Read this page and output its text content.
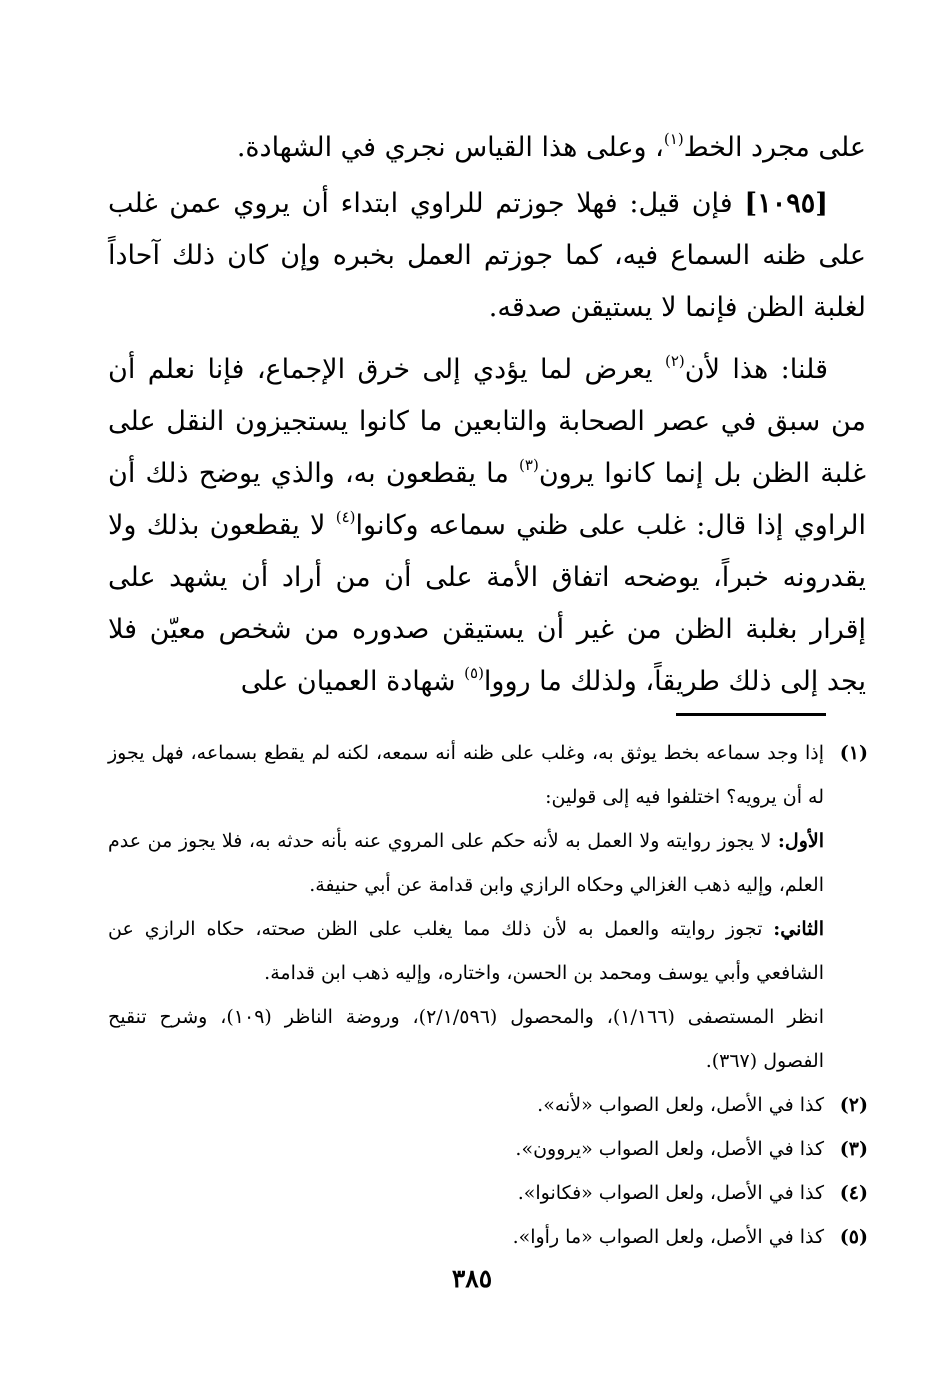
على مجرد الخط$^{(١)}$، وعلى هذا القياس نجري في الشهادة.

[١٠٩٥] فإن قيل: فهلا جوزتم للراوي ابتداء أن يروي عمن غلب على ظنه السماع فيه، كما جوزتم العمل بخبره وإن كان ذلك آحاداً لغلبة الظن فإنما لا يستيقن صدقه.

قلنا: هذا لأن$^{(٢)}$ يعرض لما يؤدي إلى خرق الإجماع، فإنا نعلم أن من سبق في عصر الصحابة والتابعين ما كانوا يستجيزون النقل على غلبة الظن بل إنما كانوا يرون$^{(٣)}$ ما يقطعون به، والذي يوضح ذلك أن الراوي إذا قال: غلب على ظني سماعه وكانوا$^{(٤)}$ لا يقطعون بذلك ولا يقدرونه خبراً، يوضحه اتفاق الأمة على أن من أراد أن يشهد على إقرار بغلبة الظن من غير أن يستيقن صدوره من شخص معيّن فلا يجد إلى ذلك طريقاً، ولذلك ما رووا$^{(٥)}$ شهادة العميان على

(١)

إذا وجد سماعه بخط يوثق به، وغلب على ظنه أنه سمعه، لكنه لم يقطع بسماعه، فهل يجوز له أن يرويه؟ اختلفوا فيه إلى قولين:

الأول: لا يجوز روايته ولا العمل به لأنه حكم على المروي عنه بأنه حدثه به، فلا يجوز من عدم العلم، وإليه ذهب الغزالي وحكاه الرازي وابن قدامة عن أبي حنيفة.

الثاني: تجوز روايته والعمل به لأن ذلك مما يغلب على الظن صحته، حكاه الرازي عن الشافعي وأبي يوسف ومحمد بن الحسن، واختاره، وإليه ذهب ابن قدامة.

انظر المستصفى (١/١٦٦)، والمحصول (٢/١/٥٩٦)، وروضة الناظر (١٠٩)، وشرح تنقيح الفصول (٣٦٧).

(٢)
كذا في الأصل، ولعل الصواب «لأنه».
(٣)
كذا في الأصل، ولعل الصواب «يروون».
(٤)
كذا في الأصل، ولعل الصواب «فكانوا».
(٥)
كذا في الأصل، ولعل الصواب «ما رأوا».
٣٨٥
